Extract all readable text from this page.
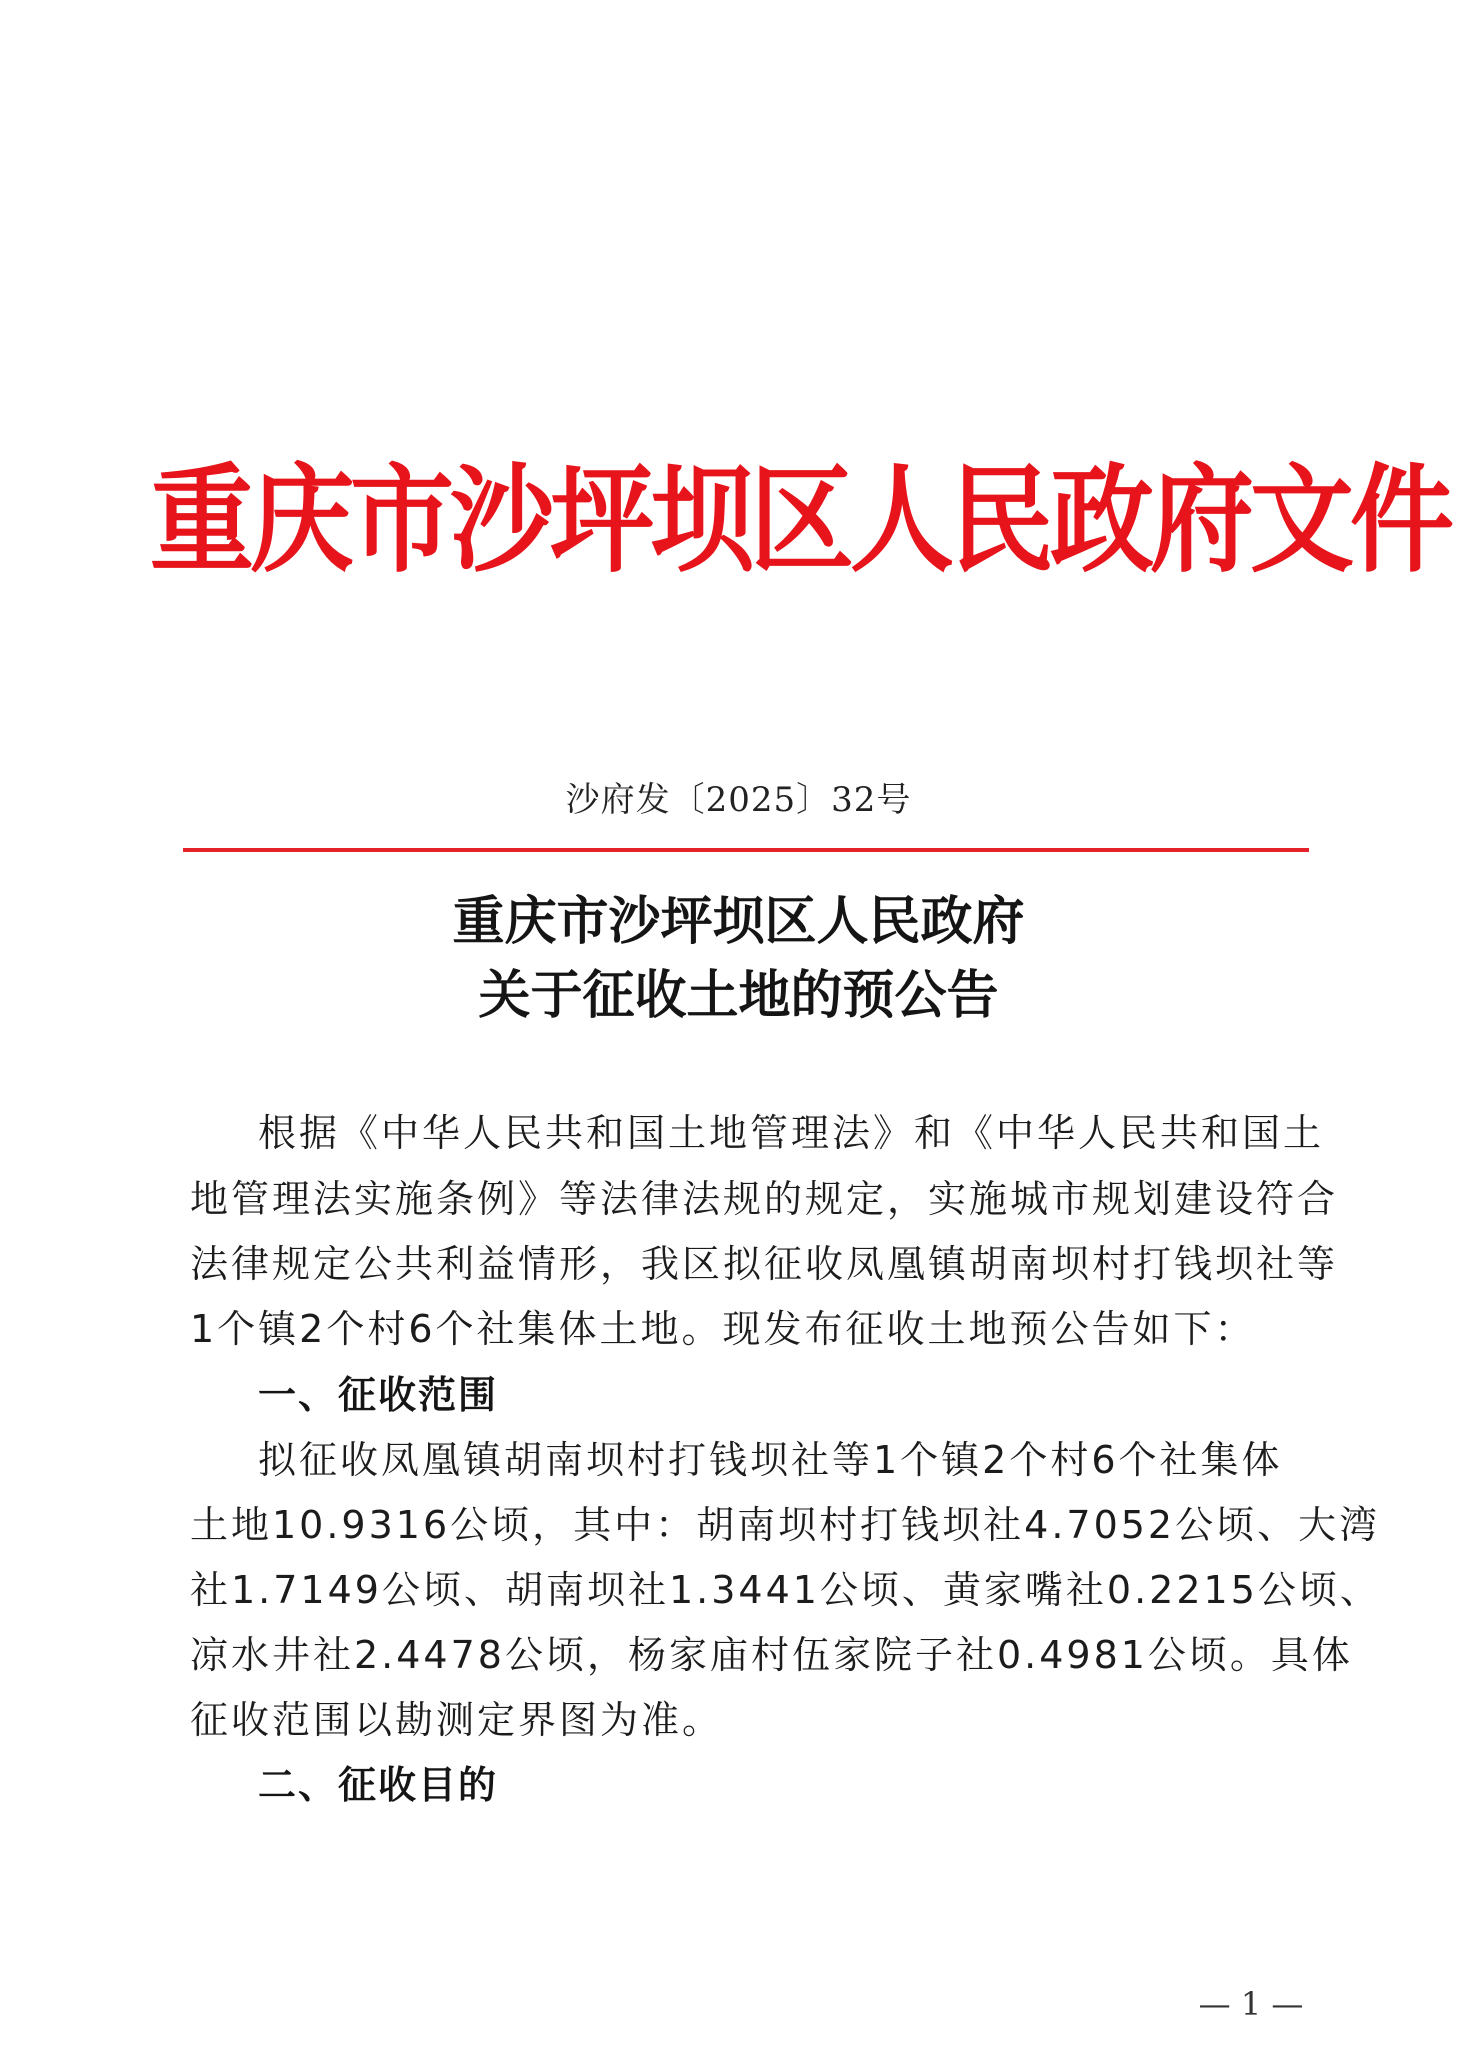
重庆市沙坪坝区人民政府文件
沙府发〔2025〕32号
重庆市沙坪坝区人民政府
关于征收土地的预公告
根据《中华人民共和国土地管理法》和《中华人民共和国土
地管理法实施条例》等法律法规的规定，实施城市规划建设符合
法律规定公共利益情形，我区拟征收凤凰镇胡南坝村打钱坝社等
1个镇2个村6个社集体土地。现发布征收土地预公告如下：
一、征收范围
拟征收凤凰镇胡南坝村打钱坝社等1个镇2个村6个社集体
土地10.9316公顷，其中：胡南坝村打钱坝社4.7052公顷、大湾
社1.7149公顷、胡南坝社1.3441公顷、黄家嘴社0.2215公顷、
凉水井社2.4478公顷，杨家庙村伍家院子社0.4981公顷。具体
征收范围以勘测定界图为准。
二、征收目的
— 1 —
